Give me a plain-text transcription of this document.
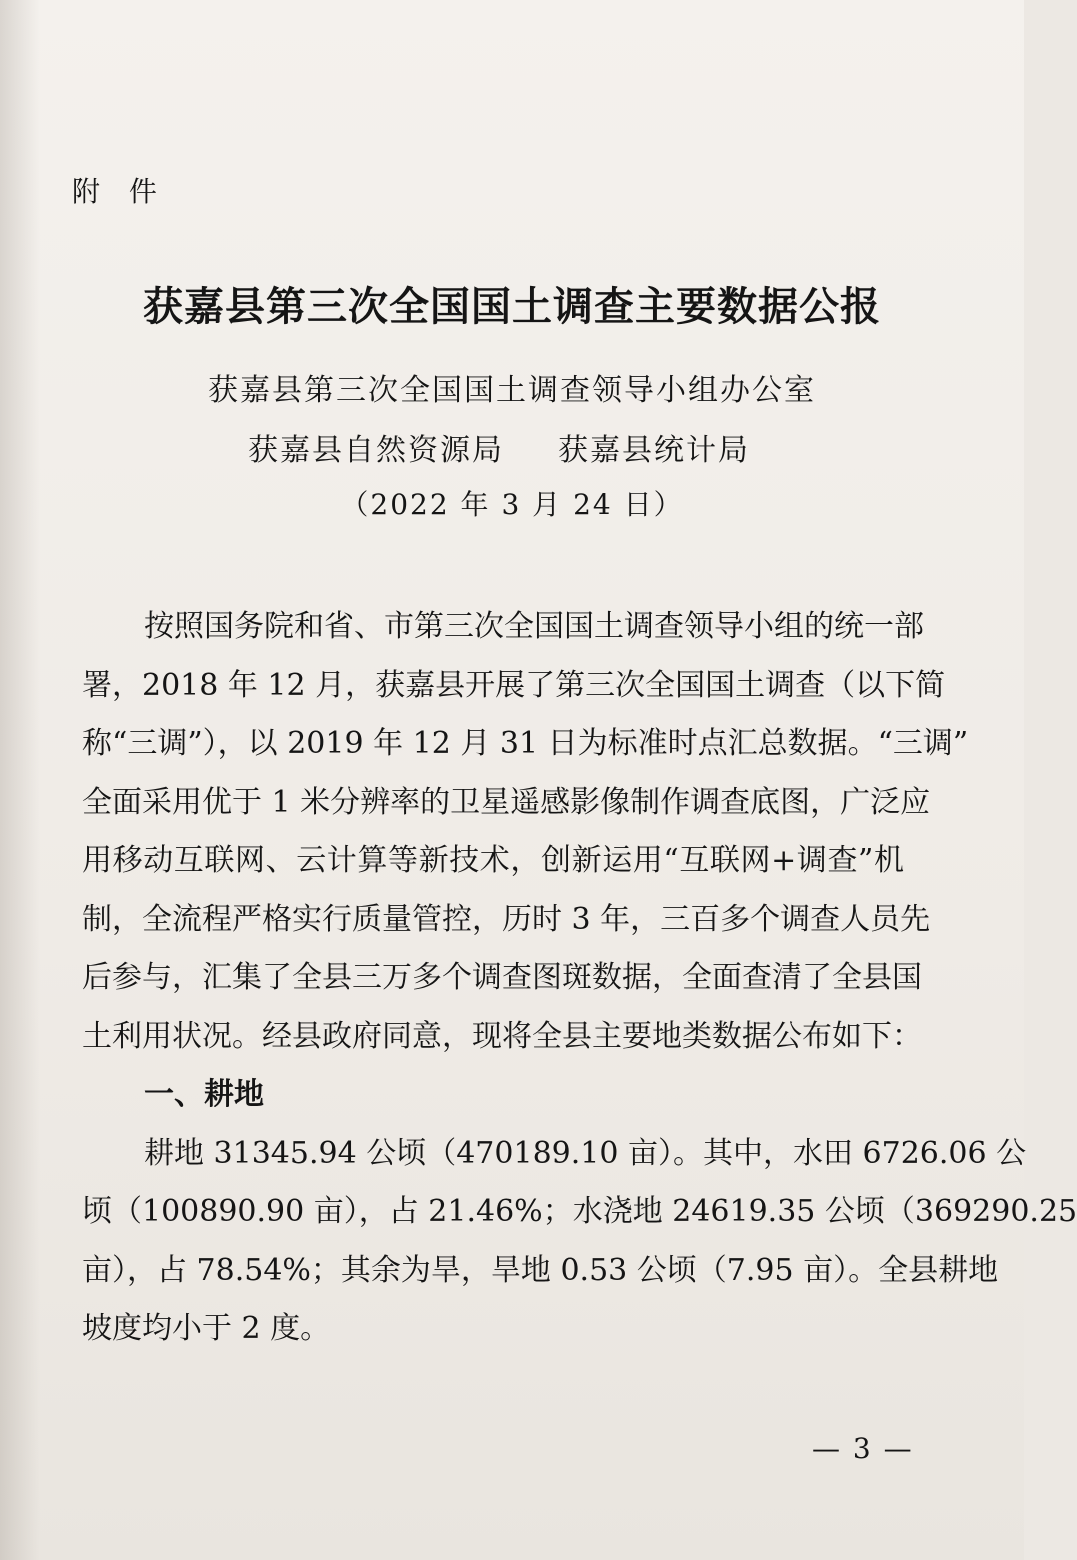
附 件
获嘉县第三次全国国土调查主要数据公报
获嘉县第三次全国国土调查领导小组办公室
获嘉县自然资源局 获嘉县统计局
（2022 年 3 月 24 日）
按照国务院和省、市第三次全国国土调查领导小组的统一部
署，2018 年 12 月，获嘉县开展了第三次全国国土调查（以下简
称“三调”），以 2019 年 12 月 31 日为标准时点汇总数据。“三调”
全面采用优于 1 米分辨率的卫星遥感影像制作调查底图，广泛应
用移动互联网、云计算等新技术，创新运用“互联网+调查”机
制，全流程严格实行质量管控，历时 3 年，三百多个调查人员先
后参与，汇集了全县三万多个调查图斑数据，全面查清了全县国
土利用状况。经县政府同意，现将全县主要地类数据公布如下：
一、耕地
耕地 31345.94 公顷（470189.10 亩）。其中，水田 6726.06 公
顷（100890.90 亩），占 21.46%；水浇地 24619.35 公顷（369290.25
亩），占 78.54%；其余为旱，旱地 0.53 公顷（7.95 亩）。全县耕地
坡度均小于 2 度。
— 3 —
